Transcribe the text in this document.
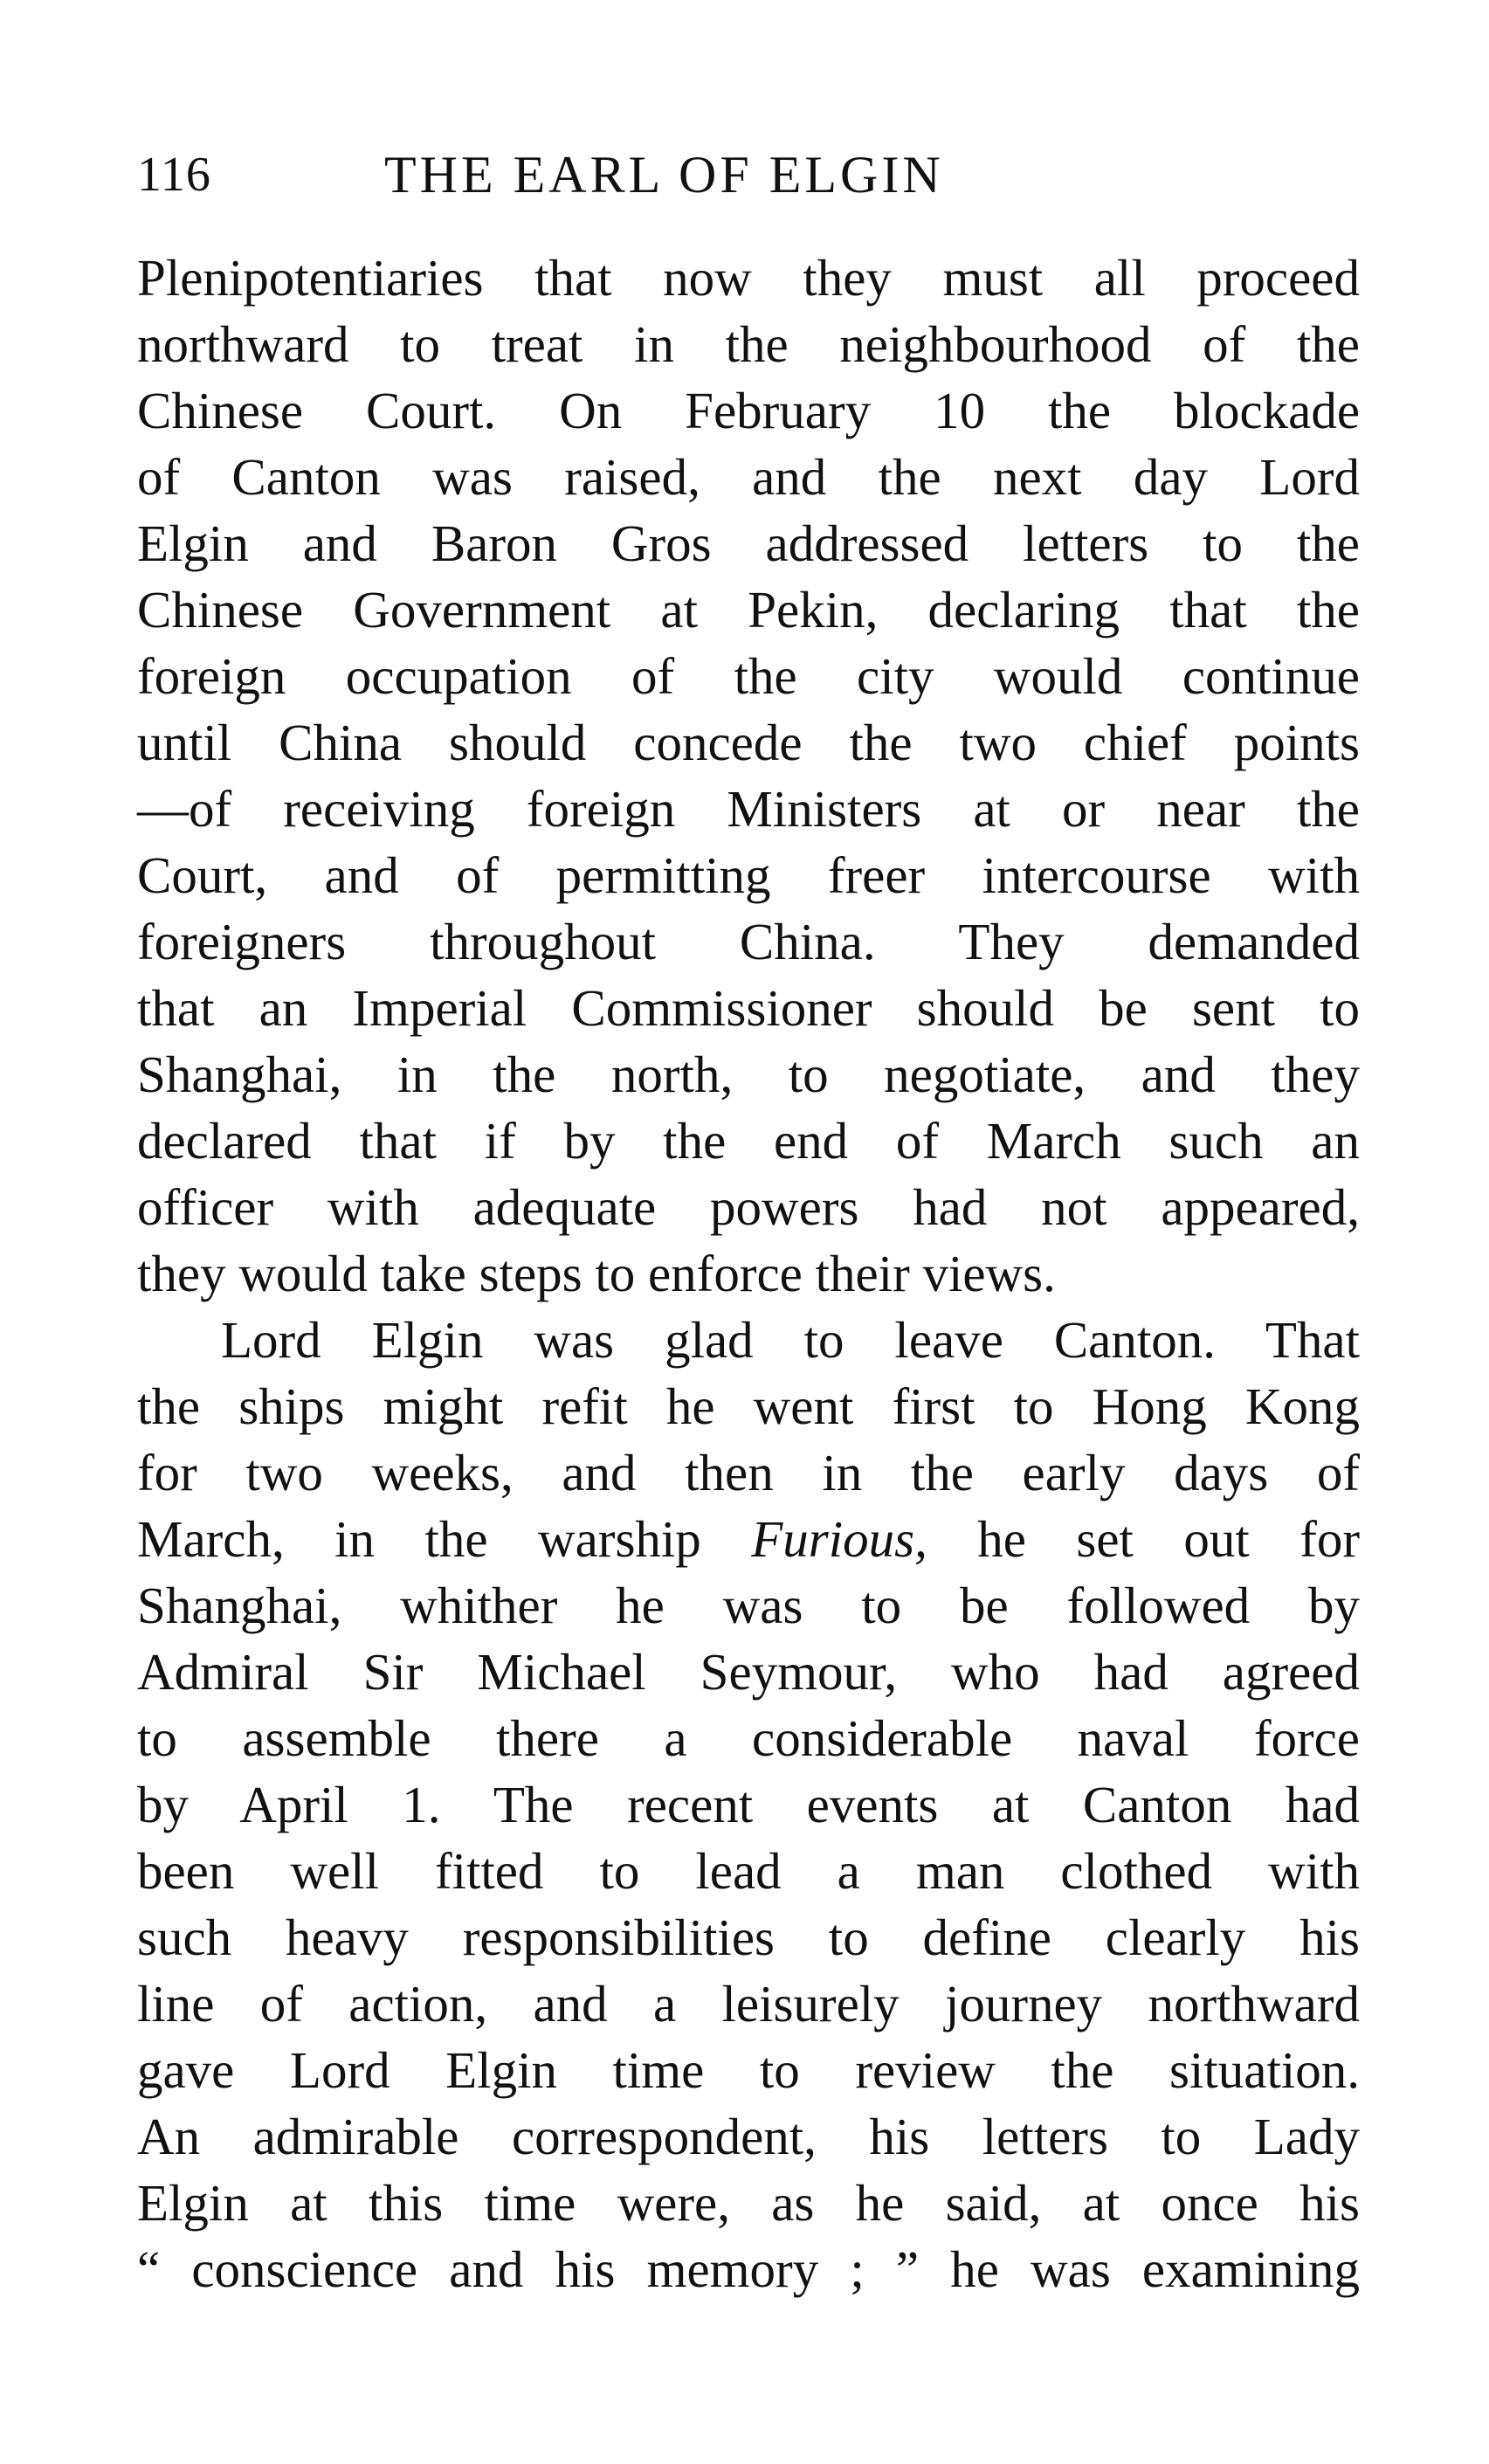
116	THE EARL OF ELGIN
Plenipotentiaries that now they must all proceed
northward to treat in the neighbourhood of the
Chinese Court. On February 10 the blockade
of Canton was raised, and the next day Lord
Elgin and Baron Gros addressed letters to the
Chinese Government at Pekin, declaring that the
foreign occupation of the city would continue
until China should concede the two chief points
—of receiving foreign Ministers at or near the
Court, and of permitting freer intercourse with
foreigners throughout China. They demanded
that an Imperial Commissioner should be sent to
Shanghai, in the north, to negotiate, and they
declared that if by the end of March such an
officer with adequate powers had not appeared,
they would take steps to enforce their views.
Lord Elgin was glad to leave Canton. That
the ships might refit he went first to Hong Kong
for two weeks, and then in the early days of
March, in the warship Furious, he set out for
Shanghai, whither he was to be followed by
Admiral Sir Michael Seymour, who had agreed
to assemble there a considerable naval force
by April 1. The recent events at Canton had
been well fitted to lead a man clothed with
such heavy responsibilities to define clearly his
line of action, and a leisurely journey northward
gave Lord Elgin time to review the situation.
An admirable correspondent, his letters to Lady
Elgin at this time were, as he said, at once his
“ conscience and his memory ; ” he was examining
